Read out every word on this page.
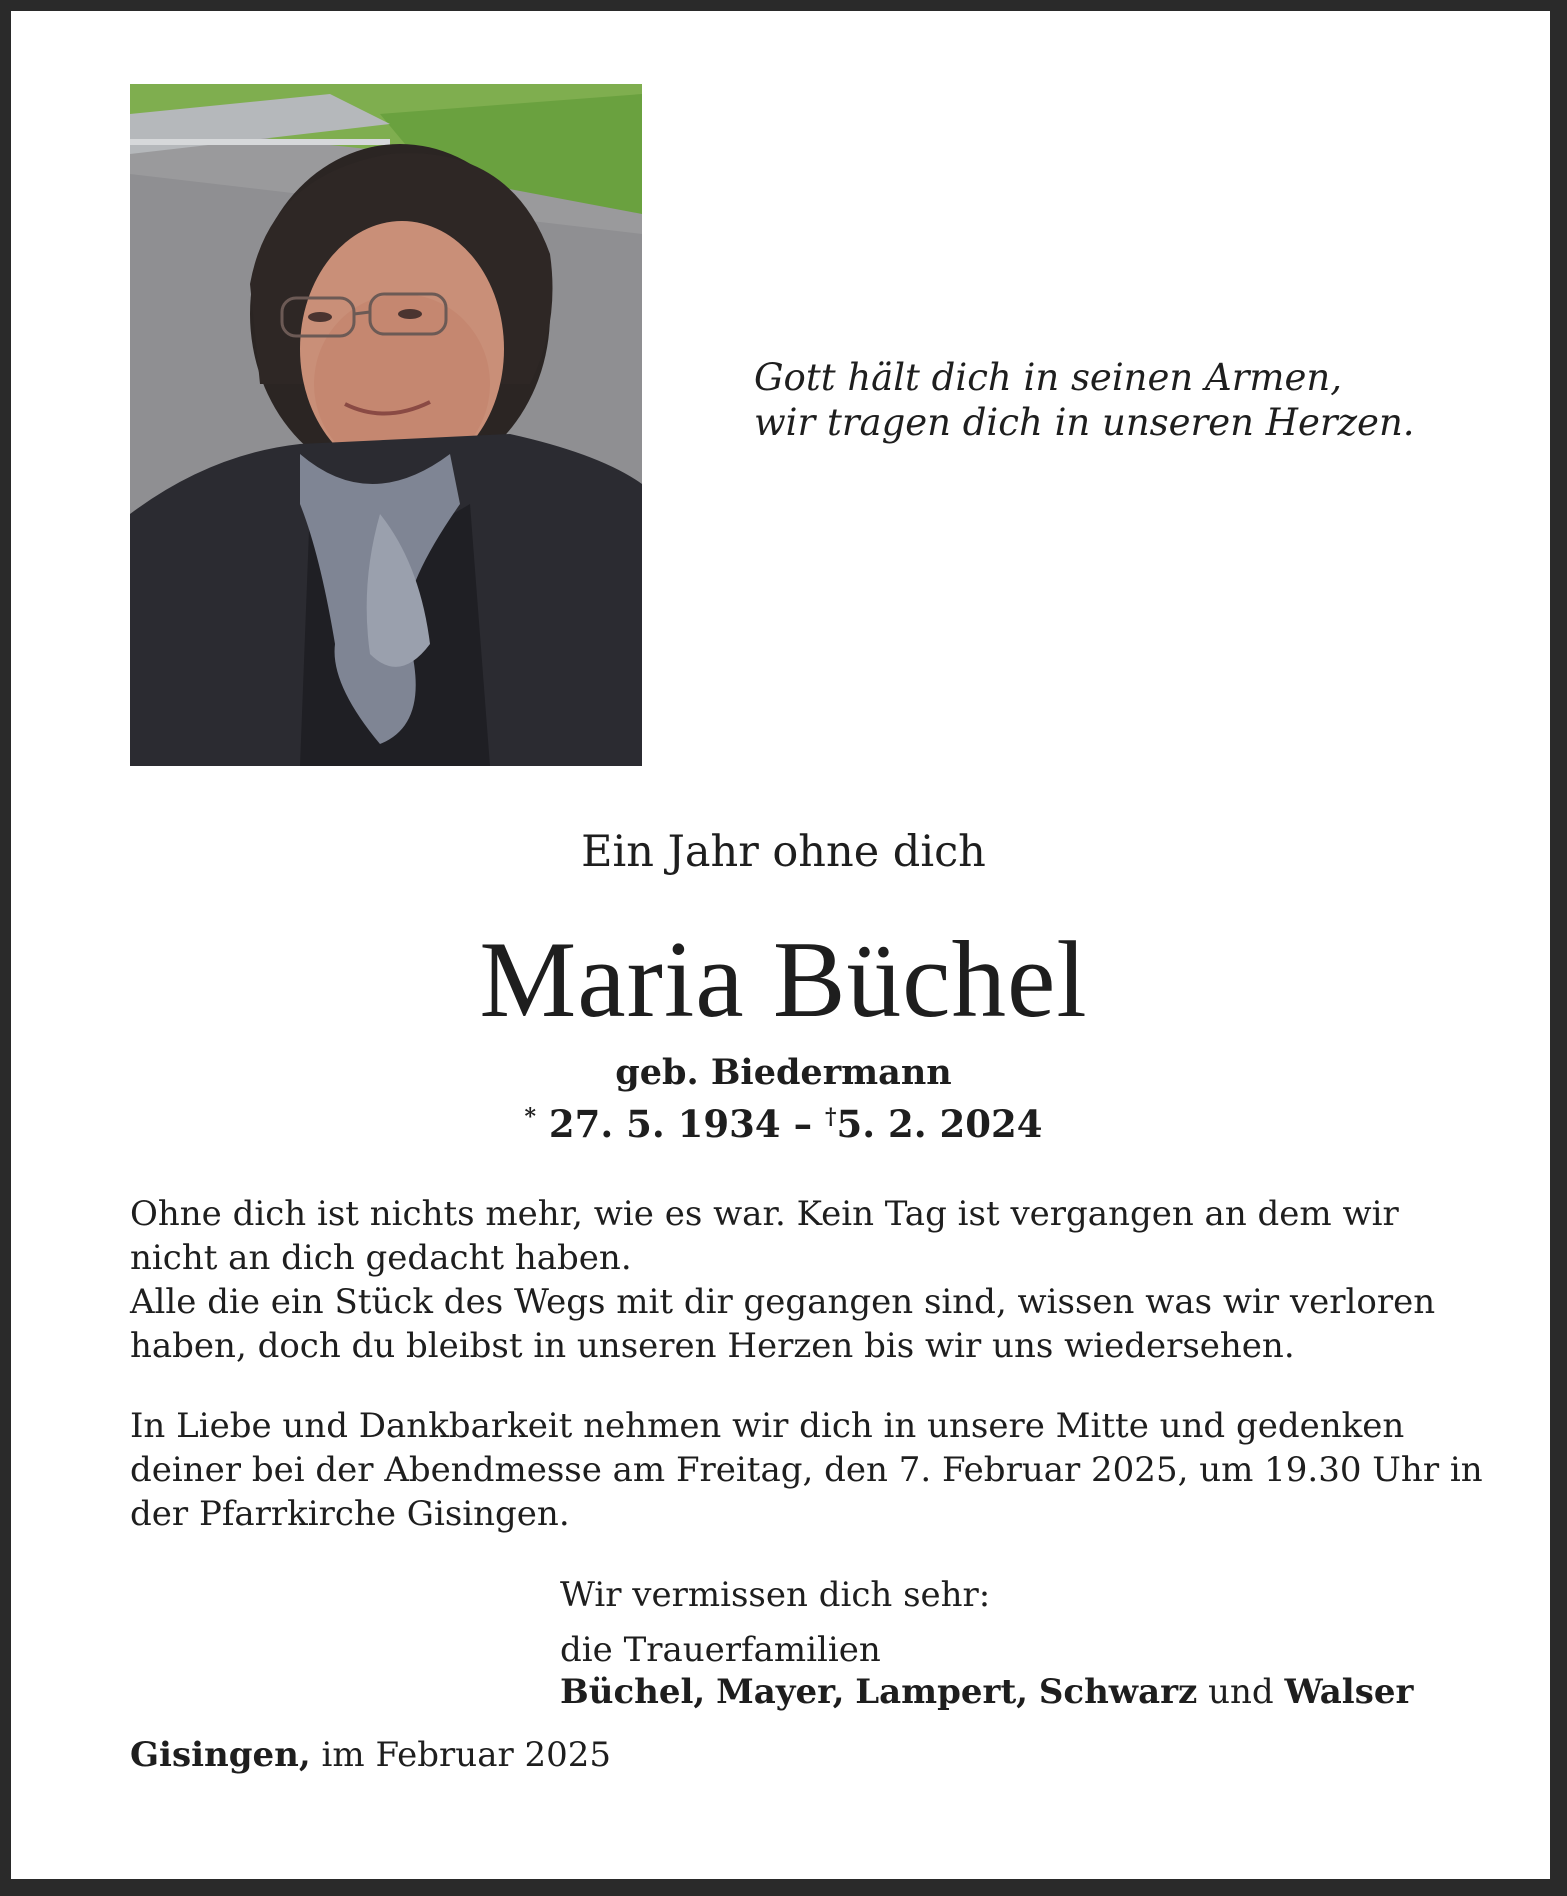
Gott hält dich in seinen Armen,
wir tragen dich in unseren Herzen.
Ein Jahr ohne dich
Maria Büchel
geb. Biedermann
* 27. 5. 1934 – †5. 2. 2024
Ohne dich ist nichts mehr, wie es war. Kein Tag ist vergangen an dem wir
nicht an dich gedacht haben.
Alle die ein Stück des Wegs mit dir gegangen sind, wissen was wir verloren
haben, doch du bleibst in unseren Herzen bis wir uns wiedersehen.
In Liebe und Dankbarkeit nehmen wir dich in unsere Mitte und gedenken
deiner bei der Abendmesse am Freitag, den 7. Februar 2025, um 19.30 Uhr in
der Pfarrkirche Gisingen.
Wir vermissen dich sehr:
die Trauerfamilien
Büchel, Mayer, Lampert, Schwarz und Walser
Gisingen, im Februar 2025
